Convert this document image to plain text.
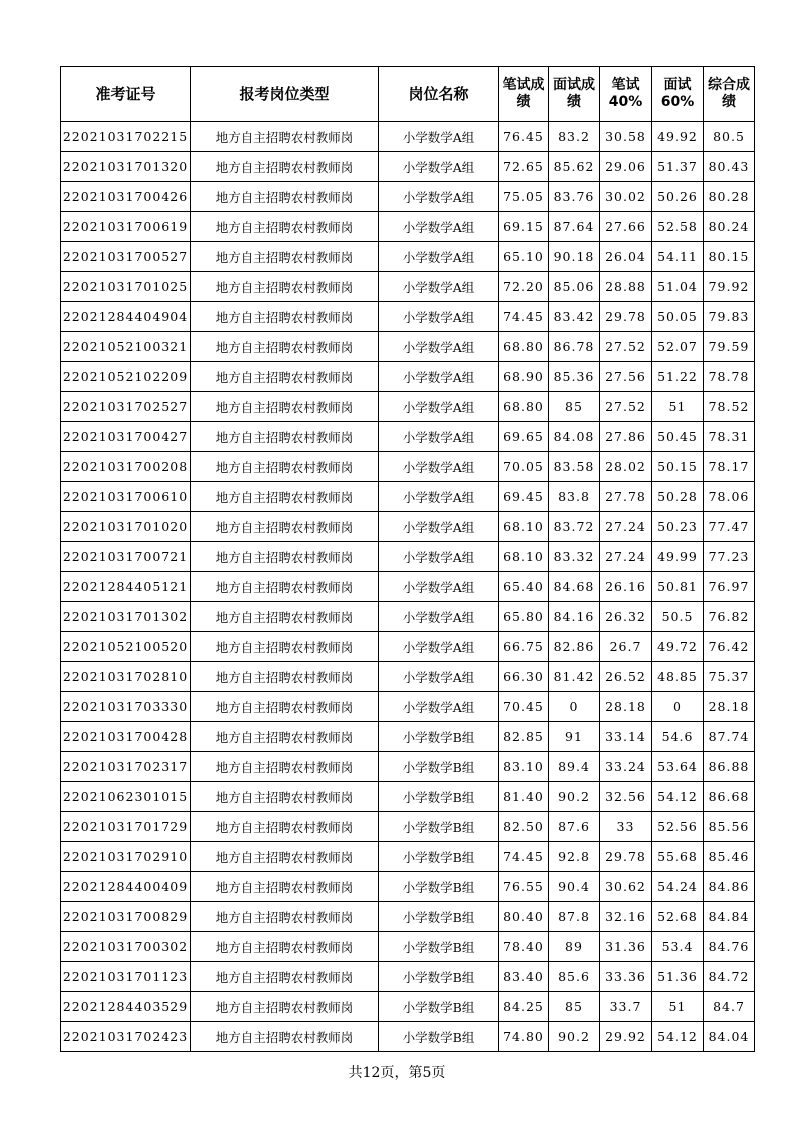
准考证号	报考岗位类型	岗位名称	笔试成绩	面试成绩	笔试40%	面试60%	综合成绩
22021031702215	地方自主招聘农村教师岗	小学数学A组	76.45	83.2	30.58	49.92	80.5
22021031701320	地方自主招聘农村教师岗	小学数学A组	72.65	85.62	29.06	51.37	80.43
22021031700426	地方自主招聘农村教师岗	小学数学A组	75.05	83.76	30.02	50.26	80.28
22021031700619	地方自主招聘农村教师岗	小学数学A组	69.15	87.64	27.66	52.58	80.24
22021031700527	地方自主招聘农村教师岗	小学数学A组	65.10	90.18	26.04	54.11	80.15
22021031701025	地方自主招聘农村教师岗	小学数学A组	72.20	85.06	28.88	51.04	79.92
22021284404904	地方自主招聘农村教师岗	小学数学A组	74.45	83.42	29.78	50.05	79.83
22021052100321	地方自主招聘农村教师岗	小学数学A组	68.80	86.78	27.52	52.07	79.59
22021052102209	地方自主招聘农村教师岗	小学数学A组	68.90	85.36	27.56	51.22	78.78
22021031702527	地方自主招聘农村教师岗	小学数学A组	68.80	85	27.52	51	78.52
22021031700427	地方自主招聘农村教师岗	小学数学A组	69.65	84.08	27.86	50.45	78.31
22021031700208	地方自主招聘农村教师岗	小学数学A组	70.05	83.58	28.02	50.15	78.17
22021031700610	地方自主招聘农村教师岗	小学数学A组	69.45	83.8	27.78	50.28	78.06
22021031701020	地方自主招聘农村教师岗	小学数学A组	68.10	83.72	27.24	50.23	77.47
22021031700721	地方自主招聘农村教师岗	小学数学A组	68.10	83.32	27.24	49.99	77.23
22021284405121	地方自主招聘农村教师岗	小学数学A组	65.40	84.68	26.16	50.81	76.97
22021031701302	地方自主招聘农村教师岗	小学数学A组	65.80	84.16	26.32	50.5	76.82
22021052100520	地方自主招聘农村教师岗	小学数学A组	66.75	82.86	26.7	49.72	76.42
22021031702810	地方自主招聘农村教师岗	小学数学A组	66.30	81.42	26.52	48.85	75.37
22021031703330	地方自主招聘农村教师岗	小学数学A组	70.45	0	28.18	0	28.18
22021031700428	地方自主招聘农村教师岗	小学数学B组	82.85	91	33.14	54.6	87.74
22021031702317	地方自主招聘农村教师岗	小学数学B组	83.10	89.4	33.24	53.64	86.88
22021062301015	地方自主招聘农村教师岗	小学数学B组	81.40	90.2	32.56	54.12	86.68
22021031701729	地方自主招聘农村教师岗	小学数学B组	82.50	87.6	33	52.56	85.56
22021031702910	地方自主招聘农村教师岗	小学数学B组	74.45	92.8	29.78	55.68	85.46
22021284400409	地方自主招聘农村教师岗	小学数学B组	76.55	90.4	30.62	54.24	84.86
22021031700829	地方自主招聘农村教师岗	小学数学B组	80.40	87.8	32.16	52.68	84.84
22021031700302	地方自主招聘农村教师岗	小学数学B组	78.40	89	31.36	53.4	84.76
22021031701123	地方自主招聘农村教师岗	小学数学B组	83.40	85.6	33.36	51.36	84.72
22021284403529	地方自主招聘农村教师岗	小学数学B组	84.25	85	33.7	51	84.7
22021031702423	地方自主招聘农村教师岗	小学数学B组	74.80	90.2	29.92	54.12	84.04
共12页，第5页
